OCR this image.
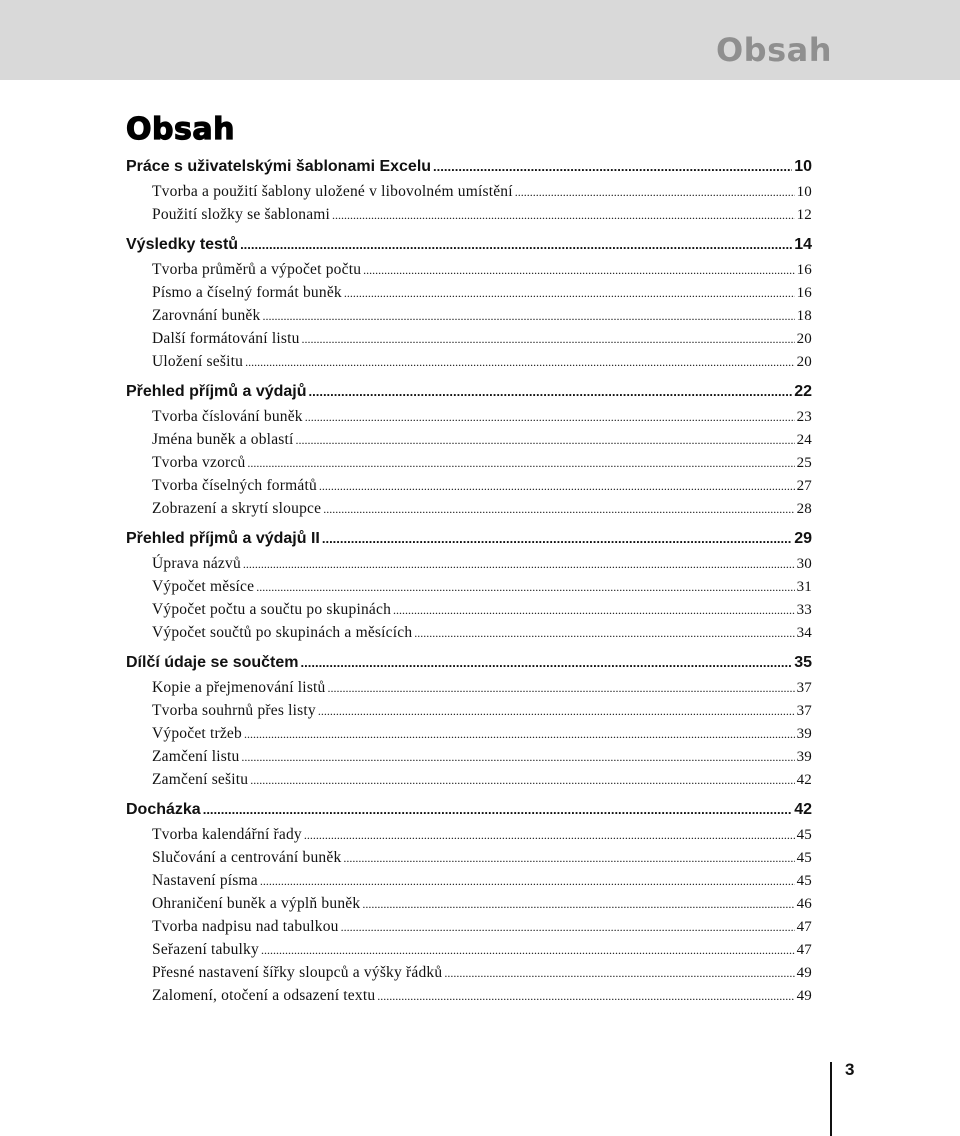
Obsah
Obsah
Práce s uživatelskými šablonami Excelu .....	10
Tvorba a použití šablony uložené v libovolném umístění .....	10
Použití složky se šablonami .....	12
Výsledky testů .....	14
Tvorba průměrů a výpočet počtu .....	16
Písmo a číselný formát buněk .....	16
Zarovnání buněk .....	18
Další formátování listu .....	20
Uložení sešitu .....	20
Přehled příjmů a výdajů .....	22
Tvorba číslování buněk .....	23
Jména buněk a oblastí .....	24
Tvorba vzorců .....	25
Tvorba číselných formátů .....	27
Zobrazení a skrytí sloupce .....	28
Přehled příjmů a výdajů II .....	29
Úprava názvů .....	30
Výpočet měsíce .....	31
Výpočet počtu a součtu po skupinách .....	33
Výpočet součtů po skupinách a měsících .....	34
Dílčí údaje se součtem .....	35
Kopie a přejmenování listů .....	37
Tvorba souhrnů přes listy .....	37
Výpočet tržeb .....	39
Zamčení listu .....	39
Zamčení sešitu .....	42
Docházka .....	42
Tvorba kalendářní řady .....	45
Slučování a centrování buněk .....	45
Nastavení písma .....	45
Ohraničení buněk a výplň buněk .....	46
Tvorba nadpisu nad tabulkou .....	47
Seřazení tabulky .....	47
Přesné nastavení šířky sloupců a výšky řádků .....	49
Zalomení, otočení a odsazení textu .....	49
3
